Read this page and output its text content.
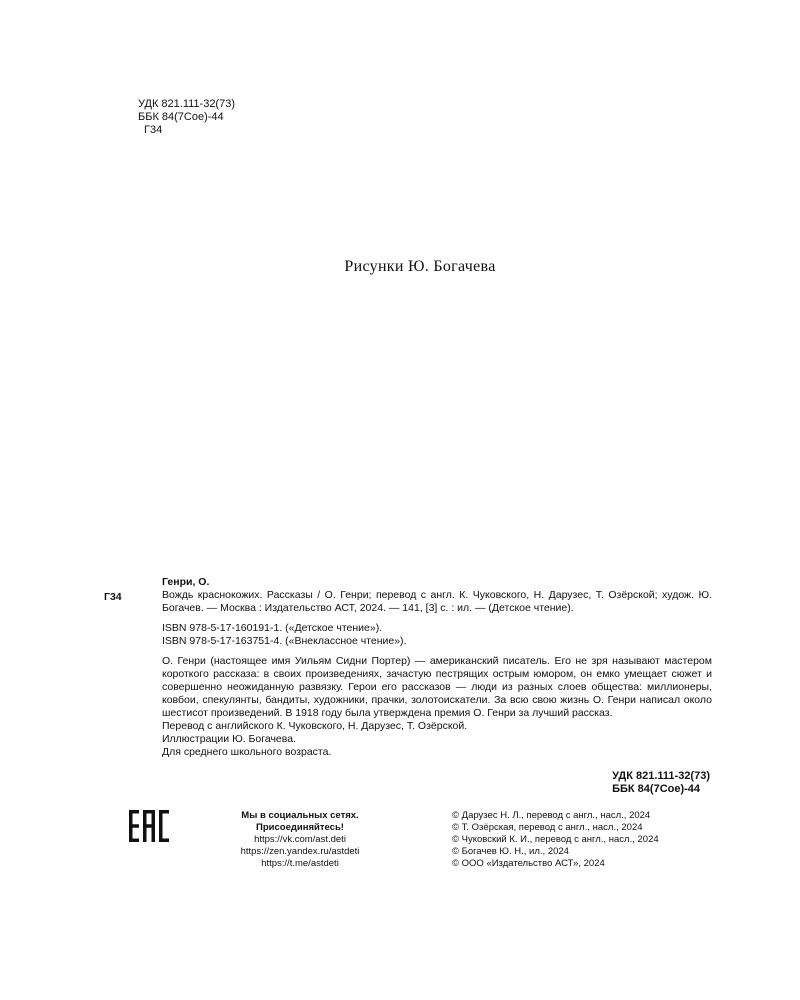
УДК 821.111-32(73)
ББК 84(7Сое)-44
Г34
Рисунки Ю. Богачева
Г34

Генри, О.

Вождь краснокожих. Рассказы / О. Генри; перевод с англ. К. Чуковского, Н. Дарузес, Т. Озёрской; худож. Ю. Богачев. — Москва : Издательство АСТ, 2024. — 141, [3] с. : ил. — (Детское чтение).

ISBN 978-5-17-160191-1. («Детское чтение»).

ISBN 978-5-17-163751-4. («Внеклассное чтение»).

О. Генри (настоящее имя Уильям Сидни Портер) — американский писатель. Его не зря называют мастером короткого рассказа: в своих произведениях, зачастую пестрящих острым юмором, он емко умещает сюжет и совершенно неожиданную развязку. Герои его рассказов — люди из разных слоев общества: миллионеры, ковбои, спекулянты, бандиты, художники, прачки, золотоискатели. За всю свою жизнь О. Генри написал около шестисот произведений. В 1918 году была утверждена премия О. Генри за лучший рассказ.

Перевод с английского К. Чуковского, Н. Дарузес, Т. Озёрской.

Иллюстрации Ю. Богачева.

Для среднего школьного возраста.

УДК 821.111-32(73)
ББК 84(7Сое)-44
Мы в социальных сетях.
Присоединяйтесь!
https://vk.com/ast.deti
https://zen.yandex.ru/astdeti
https://t.me/astdeti
© Дарузес Н. Л., перевод с англ., насл., 2024
© Т. Озёрская, перевод с англ., насл., 2024
© Чуковский К. И., перевод с англ., насл., 2024
© Богачев Ю. Н., ил., 2024
© ООО «Издательство АСТ», 2024
